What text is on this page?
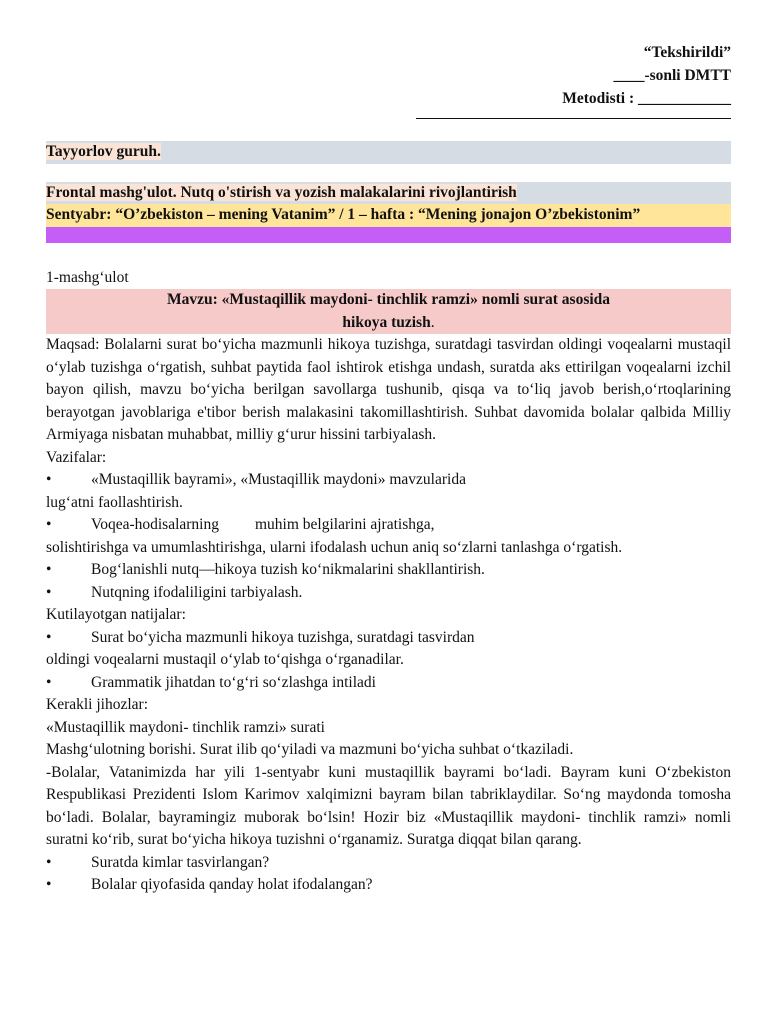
“Tekshirildi”
____-sonli DMTT
Metodisti : ____________
Tayyorlov guruh.
Frontal mashg'ulot. Nutq o'stirish va yozish malakalarini rivojlantirish
Sentyabr: “O’zbekiston – mening Vatanim” / 1 – hafta : “Mening jonajon O’zbekistonim”
1-mashg‘ulot
Mavzu: «Mustaqillik maydoni- tinchlik ramzi» nomli surat asosida
hikoya tuzish.
Maqsad: Bolalarni surat bo‘yicha mazmunli hikoya tuzishga, suratdagi tasvirdan oldingi voqealarni mustaqil o‘ylab tuzishga o‘rgatish, suhbat paytida faol ishtirok etishga undash, suratda aks ettirilgan voqealarni izchil bayon qilish, mavzu bo‘yicha berilgan savollarga tushunib, qisqa va to‘liq javob berish,o‘rtoqlarining berayotgan javoblariga e'tibor berish malakasini takomillashtirish. Suhbat davomida bolalar qalbida Milliy Armiyaga nisbatan muhabbat, milliy g‘urur hissini tarbiyalash.
Vazifalar:
•	«Mustaqillik bayrami», «Mustaqillik maydoni» mavzularida
lug‘atni faollashtirish.
•	Voqea-hodisalarning muhim belgilarini ajratishga,
solishtirishga va umumlashtirishga, ularni ifodalash uchun aniq so‘zlarni tanlashga o‘rgatish.
•	Bog‘lanishli nutq—hikoya tuzish ko‘nikmalarini shakllantirish.
•	Nutqning ifodaliligini tarbiyalash.
Kutilayotgan natijalar:
•	Surat bo‘yicha mazmunli hikoya tuzishga, suratdagi tasvirdan
oldingi voqealarni mustaqil o‘ylab to‘qishga o‘rganadilar.
•	Grammatik jihatdan to‘g‘ri so‘zlashga intiladi
Kerakli jihozlar:
«Mustaqillik maydoni- tinchlik ramzi» surati
Mashg‘ulotning borishi. Surat ilib qo‘yiladi va mazmuni bo‘yicha suhbat o‘tkaziladi.
-Bolalar, Vatanimizda har yili 1-sentyabr kuni mustaqillik bayrami bo‘ladi. Bayram kuni O‘zbekiston Respublikasi Prezidenti Islom Karimov xalqimizni bayram bilan tabriklaydilar. So‘ng maydonda tomosha bo‘ladi. Bolalar, bayramingiz muborak bo‘lsin! Hozir biz «Mustaqillik maydoni- tinchlik ramzi» nomli suratni ko‘rib, surat bo‘yicha hikoya tuzishni o‘rganamiz. Suratga diqqat bilan qarang.
•	Suratda kimlar tasvirlangan?
•	Bolalar qiyofasida qanday holat ifodalangan?
